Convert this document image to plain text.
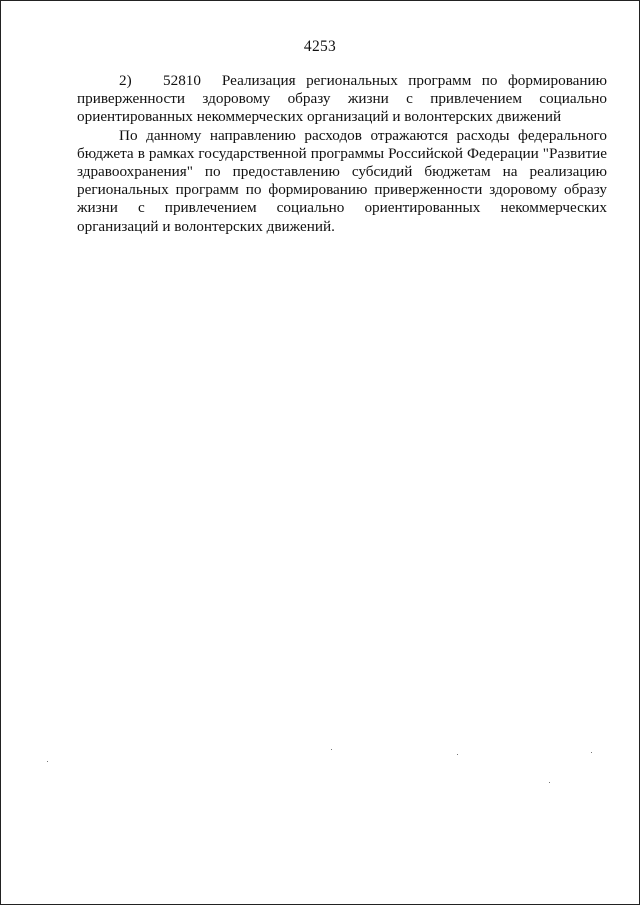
4253

2) 52810 Реализация региональных программ по формированию приверженности здоровому образу жизни с привлечением социально ориентированных некоммерческих организаций и волонтерских движений

По данному направлению расходов отражаются расходы федерального бюджета в рамках государственной программы Российской Федерации "Развитие здравоохранения" по предоставлению субсидий бюджетам на реализацию региональных программ по формированию приверженности здоровому образу жизни с привлечением социально ориентированных некоммерческих организаций и волонтерских движений.
